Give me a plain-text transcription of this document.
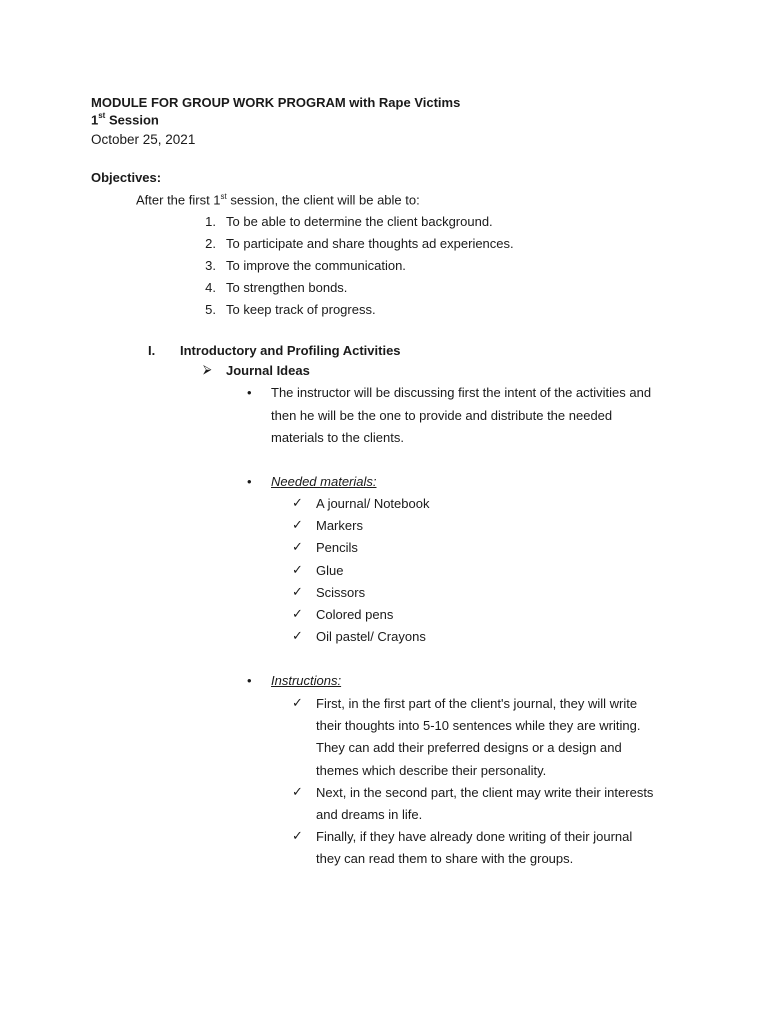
MODULE FOR GROUP WORK PROGRAM with Rape Victims
1st Session
October 25, 2021
Objectives:
After the first 1st session, the client will be able to:
1. To be able to determine the client background.
2. To participate and share thoughts ad experiences.
3. To improve the communication.
4. To strengthen bonds.
5. To keep track of progress.
I. Introductory and Profiling Activities
⮚ Journal Ideas
• The instructor will be discussing first the intent of the activities and
then he will be the one to provide and distribute the needed
materials to the clients.
• Needed materials:
✓ A journal/ Notebook
✓ Markers
✓ Pencils
✓ Glue
✓ Scissors
✓ Colored pens
✓ Oil pastel/ Crayons
• Instructions:
✓ First, in the first part of the client's journal, they will write
their thoughts into 5-10 sentences while they are writing.
They can add their preferred designs or a design and
themes which describe their personality.
✓ Next, in the second part, the client may write their interests
and dreams in life.
✓ Finally, if they have already done writing of their journal
they can read them to share with the groups.
